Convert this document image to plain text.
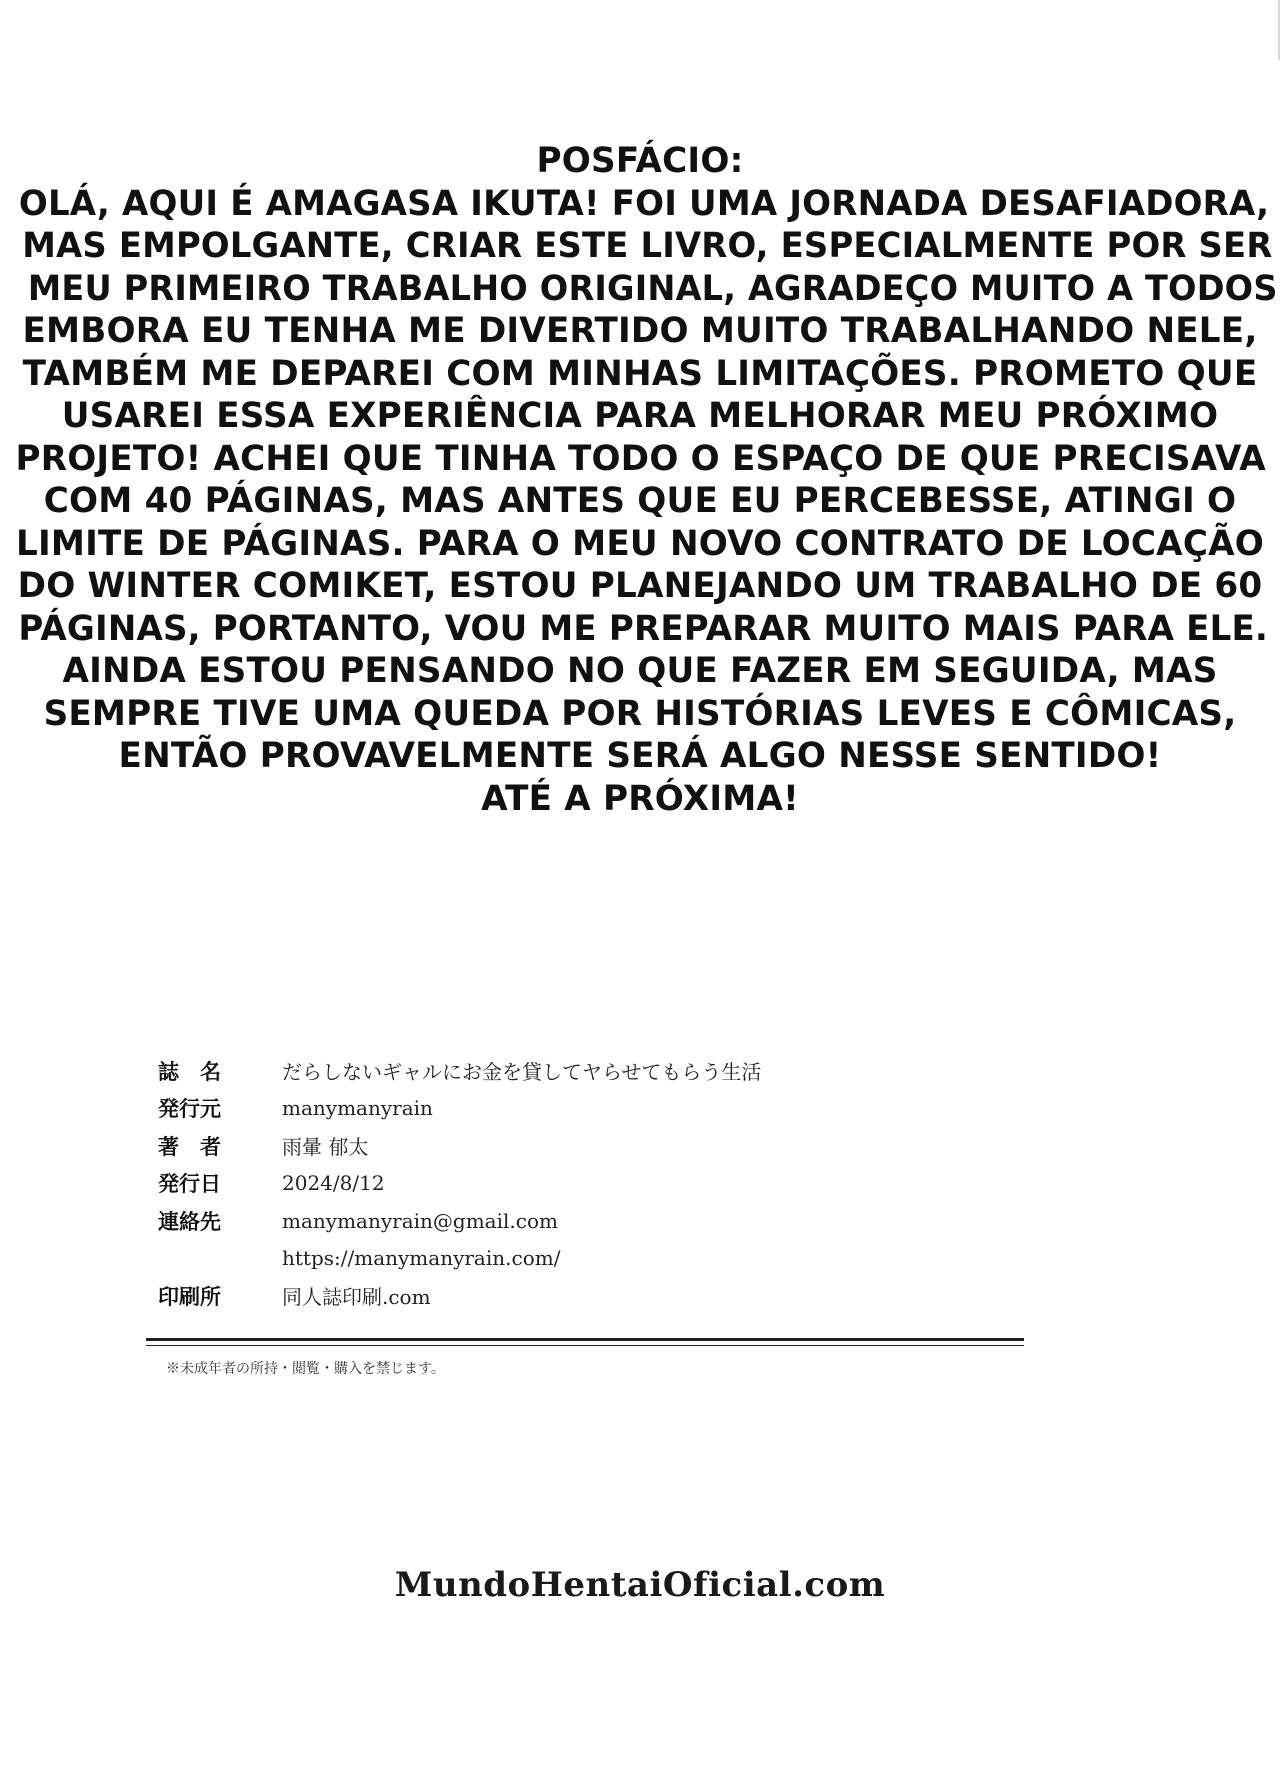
POSFÁCIO:
OLÁ, AQUI É AMAGASA IKUTA! FOI UMA JORNADA DESAFIADORA,
MAS EMPOLGANTE, CRIAR ESTE LIVRO, ESPECIALMENTE POR SER
MEU PRIMEIRO TRABALHO ORIGINAL, AGRADEÇO MUITO A TODOS
EMBORA EU TENHA ME DIVERTIDO MUITO TRABALHANDO NELE,
TAMBÉM ME DEPAREI COM MINHAS LIMITAÇÕES. PROMETO QUE
USAREI ESSA EXPERIÊNCIA PARA MELHORAR MEU PRÓXIMO
PROJETO! ACHEI QUE TINHA TODO O ESPAÇO DE QUE PRECISAVA
COM 40 PÁGINAS, MAS ANTES QUE EU PERCEBESSE, ATINGI O
LIMITE DE PÁGINAS. PARA O MEU NOVO CONTRATO DE LOCAÇÃO
DO WINTER COMIKET, ESTOU PLANEJANDO UM TRABALHO DE 60
PÁGINAS, PORTANTO, VOU ME PREPARAR MUITO MAIS PARA ELE.
AINDA ESTOU PENSANDO NO QUE FAZER EM SEGUIDA, MAS
SEMPRE TIVE UMA QUEDA POR HISTÓRIAS LEVES E CÔMICAS,
ENTÃO PROVAVELMENTE SERÁ ALGO NESSE SENTIDO!
ATÉ A PRÓXIMA!
誌　名	だらしないギャルにお金を貸してヤらせてもらう生活
発行元	manymanyrain
著　者	雨暈 郁太
発行日	2024/8/12
連絡先	manymanyrain@gmail.com
	https://manymanyrain.com/
印刷所	同人誌印刷.com
※未成年者の所持・閲覧・購入を禁じます。
MundoHentaiOficial.com
